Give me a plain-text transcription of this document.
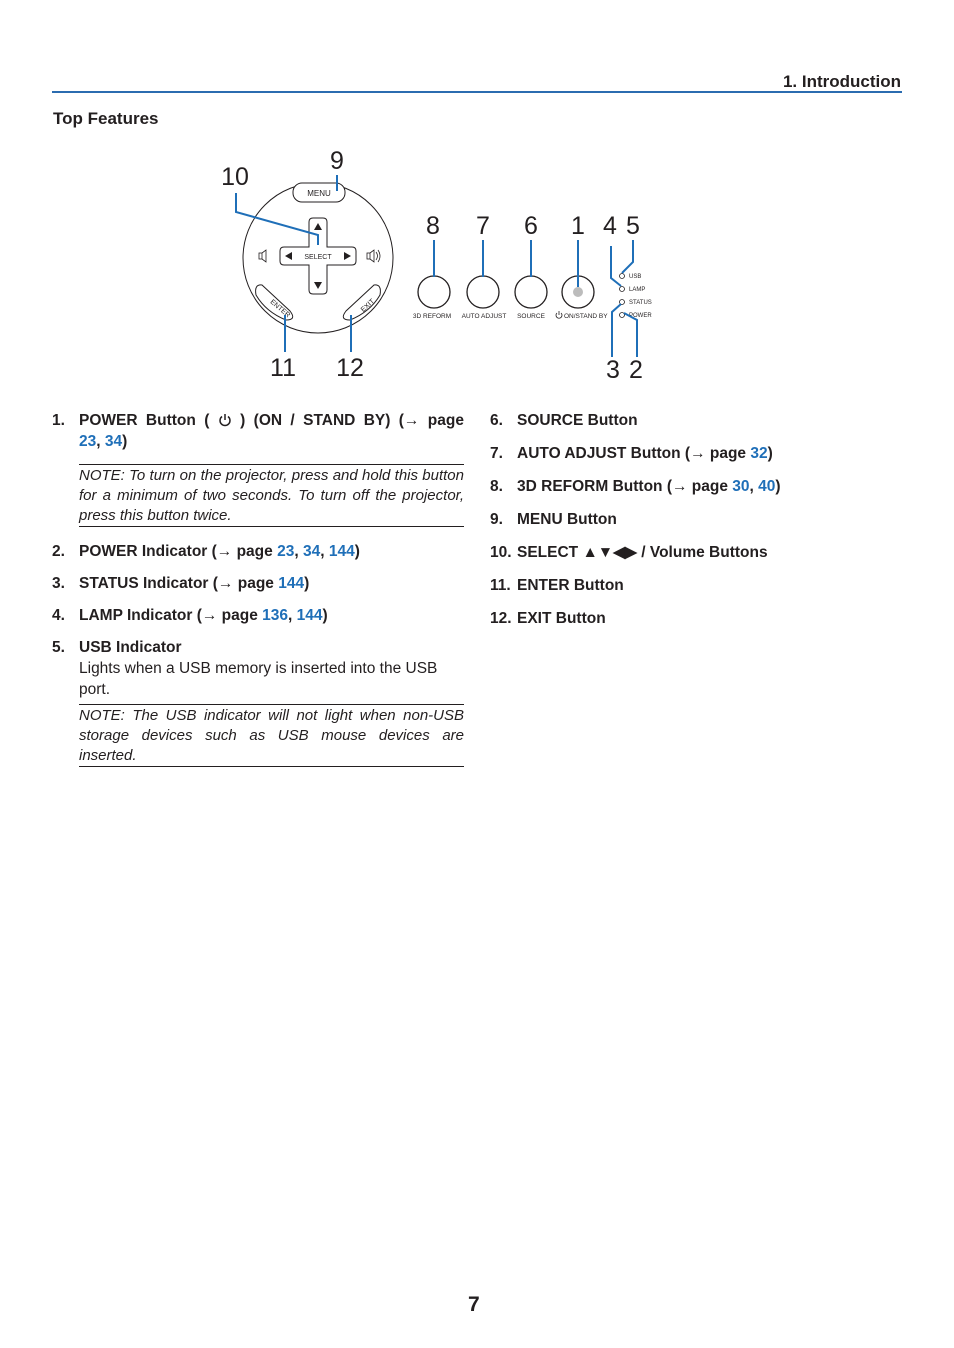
1. Introduction
Top Features
MENU
SELECT
ENTER	EXIT
3D REFORM AUTO ADJUST SOURCE	ON/STAND BY
USB
LAMP
STATUS
POWER
9
10
11 12
8 7 6 1 4 5
3 2
1. POWER Button ( ) (ON / STAND BY) (→ page
23, 34)
NOTE: To turn on the projector, press and hold this button for a minimum of two seconds. To turn off the projector, press this button twice.
2. POWER Indicator (→ page 23, 34, 144)
3. STATUS Indicator (→ page 144)
4. LAMP Indicator (→ page 136, 144)
5. USB Indicator
Lights when a USB memory is inserted into the USB port.
NOTE: The USB indicator will not light when non-USB storage devices such as USB mouse devices are inserted.
6. SOURCE Button
7. AUTO ADJUST Button (→ page 32)
8. 3D REFORM Button (→ page 30, 40)
9. MENU Button
10. SELECT ▲▼◀▶ / Volume Buttons
11. ENTER Button
12. EXIT Button
7
